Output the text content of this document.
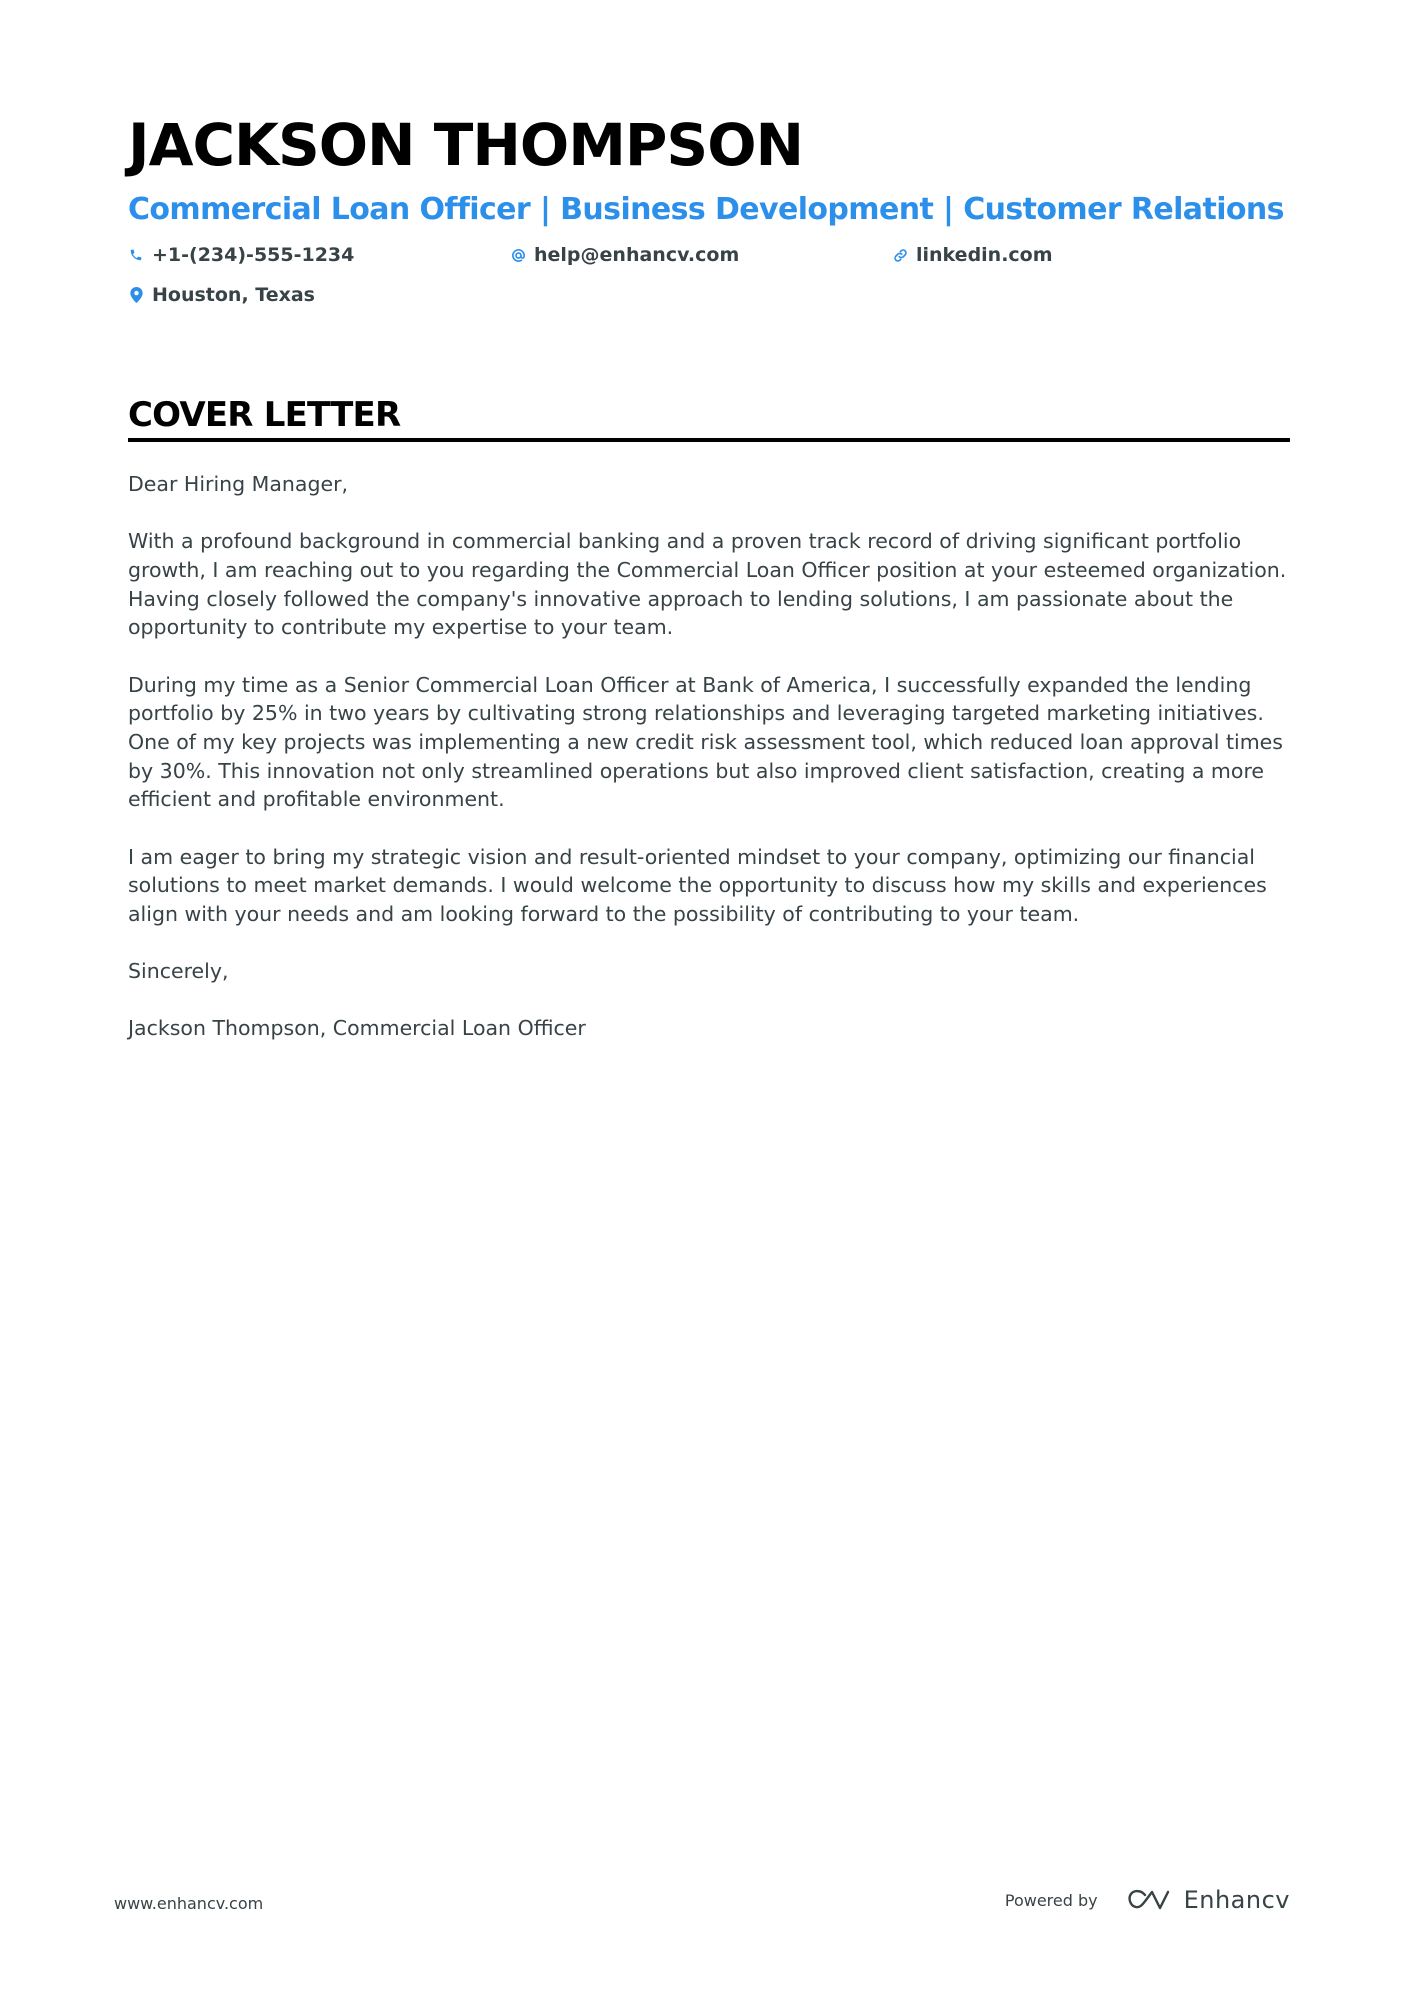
JACKSON THOMPSON
Commercial Loan Officer | Business Development | Customer Relations
+1-(234)-555-1234	help@enhancv.com	linkedin.com
Houston, Texas
COVER LETTER

Dear Hiring Manager,

With a profound background in commercial banking and a proven track record of driving significant portfolio growth, I am reaching out to you regarding the Commercial Loan Officer position at your esteemed organization. Having closely followed the company's innovative approach to lending solutions, I am passionate about the opportunity to contribute my expertise to your team.

During my time as a Senior Commercial Loan Officer at Bank of America, I successfully expanded the lending portfolio by 25% in two years by cultivating strong relationships and leveraging targeted marketing initiatives. One of my key projects was implementing a new credit risk assessment tool, which reduced loan approval times by 30%. This innovation not only streamlined operations but also improved client satisfaction, creating a more efficient and profitable environment.

I am eager to bring my strategic vision and result-oriented mindset to your company, optimizing our financial solutions to meet market demands. I would welcome the opportunity to discuss how my skills and experiences align with your needs and am looking forward to the possibility of contributing to your team.

Sincerely,

Jackson Thompson, Commercial Loan Officer

www.enhancv.com	Powered by	Enhancv
